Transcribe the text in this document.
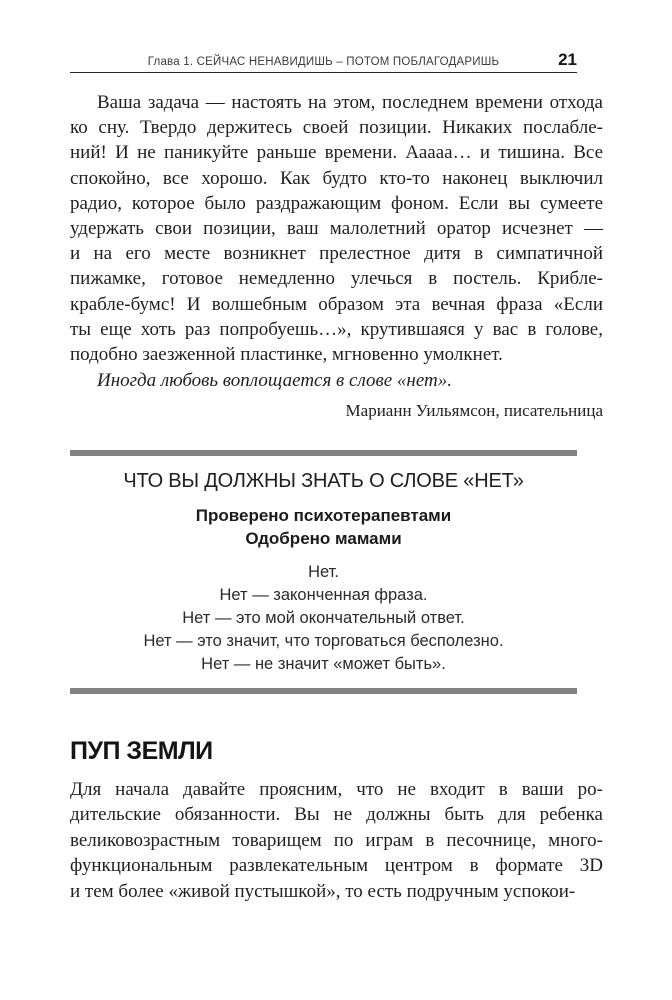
Глава 1. СЕЙЧАС НЕНАВИДИШЬ – ПОТОМ ПОБЛАГОДАРИШЬ	21
Ваша задача — настоять на этом, последнем времени отхода
ко сну. Твердо держитесь своей позиции. Никаких послабле-
ний! И не паникуйте раньше времени. Ааааа… и тишина. Все
спокойно, все хорошо. Как будто кто-то наконец выключил
радио, которое было раздражающим фоном. Если вы сумеете
удержать свои позиции, ваш малолетний оратор исчезнет —
и на его месте возникнет прелестное дитя в симпатичной
пижамке, готовое немедленно улечься в постель. Крибле-
крабле-бумс! И волшебным образом эта вечная фраза «Если
ты еще хоть раз попробуешь…», крутившаяся у вас в голове,
подобно заезженной пластинке, мгновенно умолкнет.
Иногда любовь воплощается в слове «нет».
Марианн Уильямсон, писательница
ЧТО ВЫ ДОЛЖНЫ ЗНАТЬ О СЛОВЕ «НЕТ»
Проверено психотерапевтами
Одобрено мамами
Нет.
Нет — законченная фраза.
Нет — это мой окончательный ответ.
Нет — это значит, что торговаться бесполезно.
Нет — не значит «может быть».
ПУП ЗЕМЛИ
Для начала давайте проясним, что не входит в ваши ро-
дительские обязанности. Вы не должны быть для ребенка
великовозрастным товарищем по играм в песочнице, много-
функциональным развлекательным центром в формате 3D
и тем более «живой пустышкой», то есть подручным успокои-
